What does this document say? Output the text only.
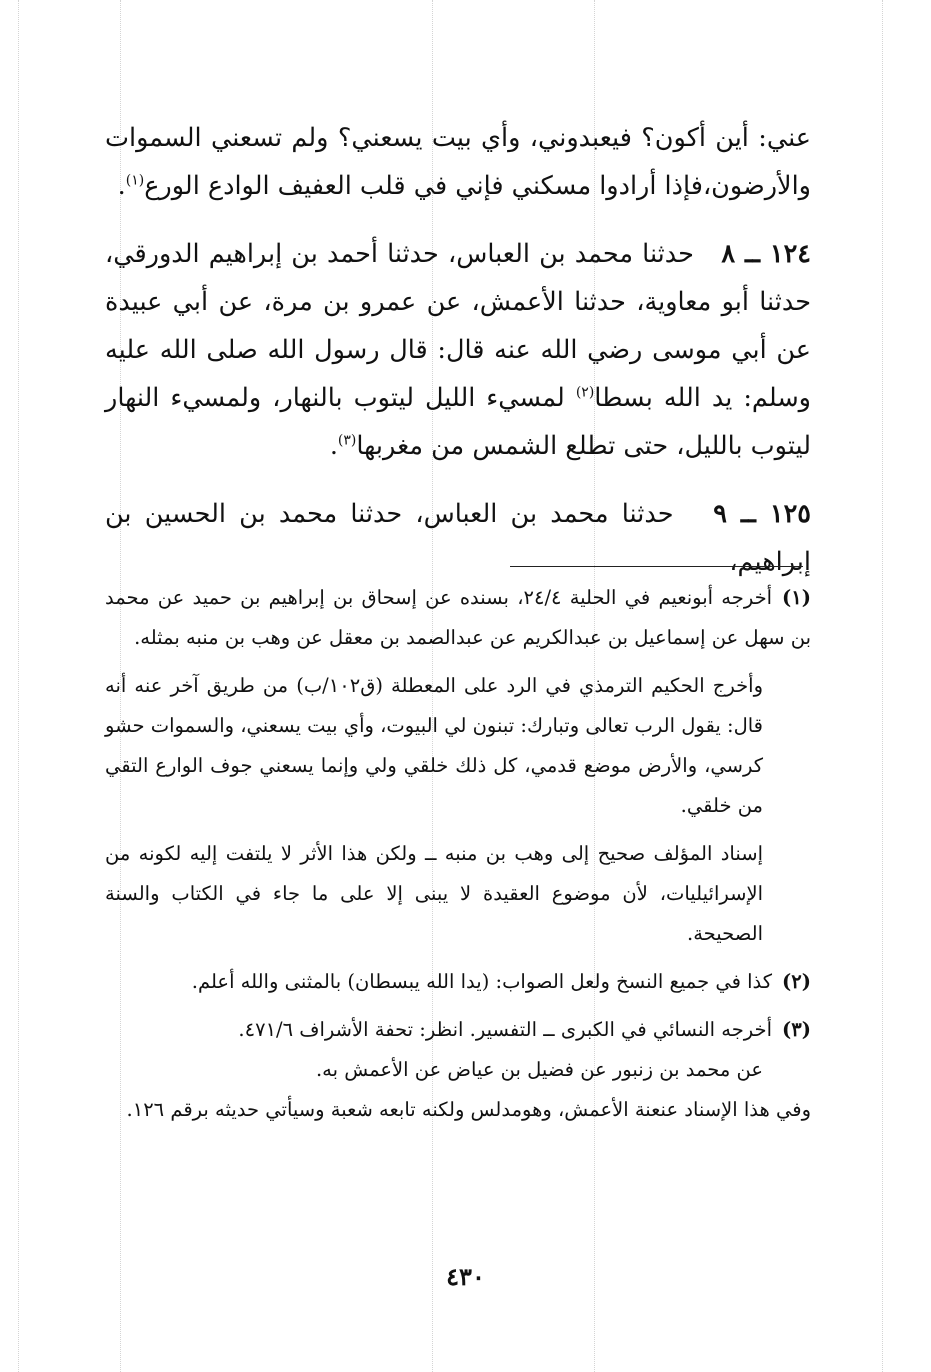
عني: أين أكون؟ فيعبدوني، وأي بيت يسعني؟ ولم تسعني السموات والأرضون،فإذا أرادوا مسكني فإني في قلب العفيف الوادع الورع$^{(١)}$.

١٢٤ ــ ٨   حدثنا محمد بن العباس، حدثنا أحمد بن إبراهيم الدورقي، حدثنا أبو معاوية، حدثنا الأعمش، عن عمرو بن مرة، عن أبي عبيدة عن أبي موسى رضي الله عنه قال: قال رسول الله صلى الله عليه وسلم: يد الله بسطا$^{(٢)}$ لمسيء الليل ليتوب بالنهار، ولمسيء النهار ليتوب بالليل، حتى تطلع الشمس من مغربها$^{(٣)}$.

١٢٥ ــ ٩   حدثنا محمد بن العباس، حدثنا محمد بن الحسين بن إبراهيم،

(١)أخرجه أبونعيم في الحلية ٢٤/٤، بسنده عن إسحاق بن إبراهيم بن حميد عن محمد بن سهل عن إسماعيل بن عبدالكريم عن عبدالصمد بن معقل عن وهب بن منبه بمثله.
وأخرج الحكيم الترمذي في الرد على المعطلة (ق١٠٢/ب) من طريق آخر عنه أنه قال: يقول الرب تعالى وتبارك: تبنون لي البيوت، وأي بيت يسعني، والسموات حشو كرسي، والأرض موضع قدمي، كل ذلك خلقي ولي وإنما يسعني جوف الوارع التقي من خلقي.
إسناد المؤلف صحيح إلى وهب بن منبه ــ ولكن هذا الأثر لا يلتفت إليه لكونه من الإسرائيليات، لأن موضوع العقيدة لا يبنى إلا على ما جاء في الكتاب والسنة الصحيحة.
(٢)كذا في جميع النسخ ولعل الصواب: (يدا الله يبسطان) بالمثنى والله أعلم.
(٣)أخرجه النسائي في الكبرى ــ التفسير. انظر: تحفة الأشراف ٤٧١/٦.
عن محمد بن زنبور عن فضيل بن عياض عن الأعمش به.
وفي هذا الإسناد عنعنة الأعمش، وهومدلس ولكنه تابعه شعبة وسيأتي حديثه برقم ١٢٦.
٤٣٠
